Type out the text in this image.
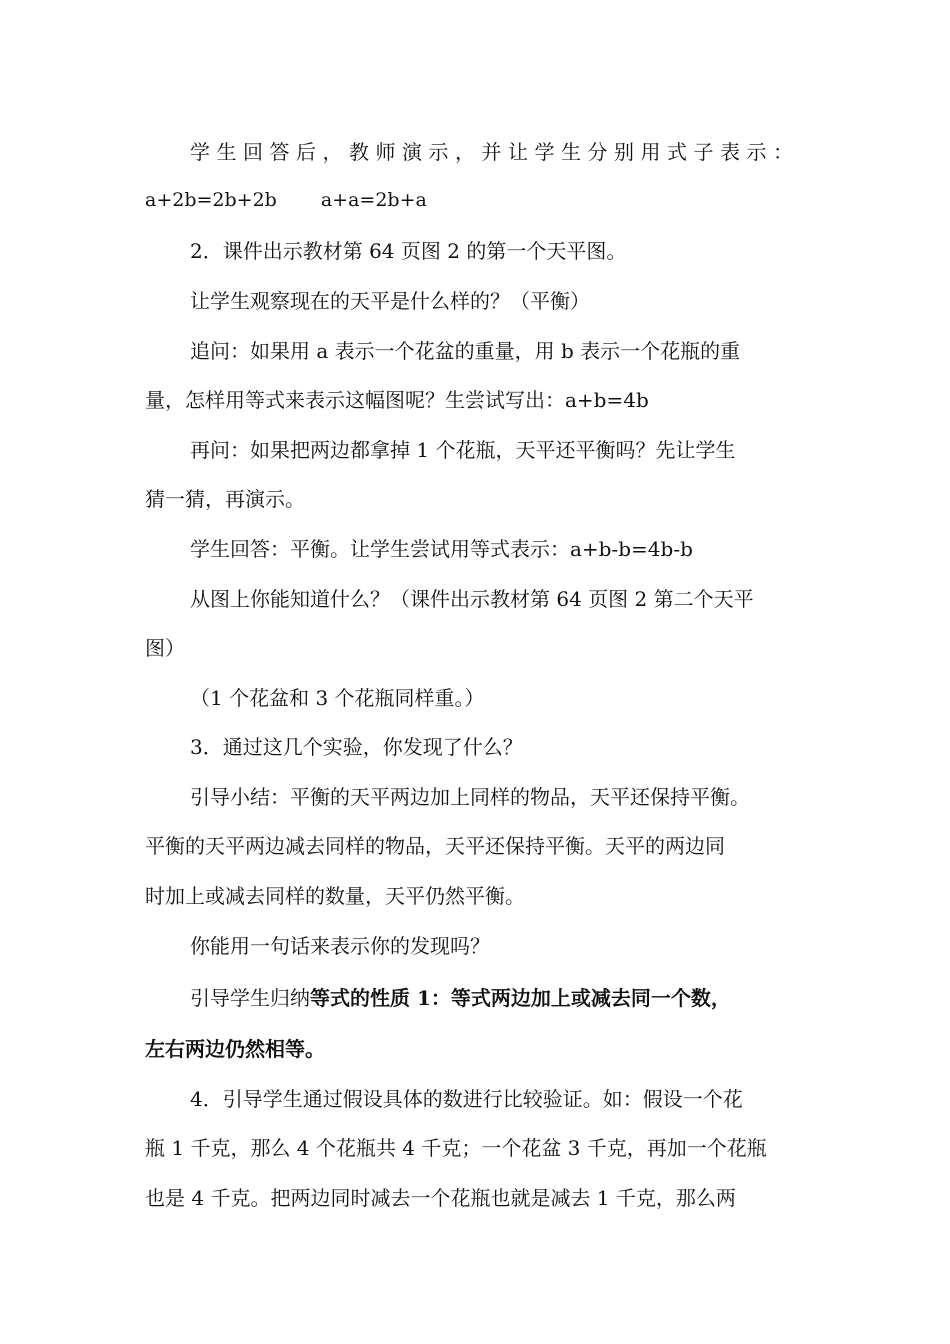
学生回答后，教师演示，并让学生分别用式子表示：
a+2b=2b+2b a+a=2b+a
2．课件出示教材第 64 页图 2 的第一个天平图。
让学生观察现在的天平是什么样的？（平衡）
追问：如果用 a 表示一个花盆的重量，用 b 表示一个花瓶的重
量，怎样用等式来表示这幅图呢？生尝试写出：a+b=4b
再问：如果把两边都拿掉 1 个花瓶，天平还平衡吗？先让学生
猜一猜，再演示。
学生回答：平衡。让学生尝试用等式表示：a+b-b=4b-b
从图上你能知道什么？（课件出示教材第 64 页图 2 第二个天平
图）
（1 个花盆和 3 个花瓶同样重。）
3．通过这几个实验，你发现了什么？
引导小结：平衡的天平两边加上同样的物品，天平还保持平衡。
平衡的天平两边减去同样的物品，天平还保持平衡。天平的两边同
时加上或减去同样的数量，天平仍然平衡。
你能用一句话来表示你的发现吗？
引导学生归纳等式的性质 1：等式两边加上或减去同一个数，
左右两边仍然相等。
4．引导学生通过假设具体的数进行比较验证。如：假设一个花
瓶 1 千克，那么 4 个花瓶共 4 千克；一个花盆 3 千克，再加一个花瓶
也是 4 千克。把两边同时减去一个花瓶也就是减去 1 千克，那么两
